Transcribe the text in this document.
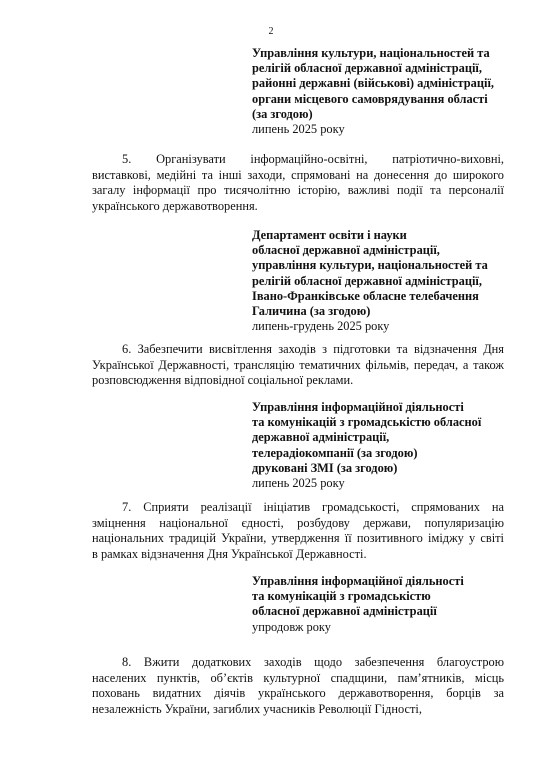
2
Управління культури, національностей та
релігій обласної державної адміністрації,
районні державні (військові) адміністрації,
органи місцевого самоврядування області
(за згодою)
липень 2025 року
5. Організувати інформаційно-освітні, патріотично-виховні,
виставкові, медійні та інші заходи, спрямовані на донесення до широкого
загалу інформації про тисячолітню історію, важливі події та персоналії
українського державотворення.
Департамент освіти і науки
обласної державної адміністрації,
управління культури, національностей та
релігій обласної державної адміністрації,
Івано-Франківське обласне телебачення
Галичина (за згодою)
липень-грудень 2025 року
6. Забезпечити висвітлення заходів з підготовки та відзначення Дня
Української Державності, трансляцію тематичних фільмів, передач, а також
розповсюдження відповідної соціальної реклами.
Управління інформаційної діяльності
та комунікацій з громадськістю обласної
державної адміністрації,
телерадіокомпанії (за згодою)
друковані ЗМІ (за згодою)
липень 2025 року
7. Сприяти реалізації ініціатив громадськості, спрямованих на
зміцнення національної єдності, розбудову держави, популяризацію
національних традицій України, утвердження її позитивного іміджу у світі
в рамках відзначення Дня Української Державності.
Управління інформаційної діяльності
та комунікацій з громадськістю
обласної державної адміністрації
упродовж року
8. Вжити додаткових заходів щодо забезпечення благоустрою
населених пунктів, об’єктів культурної спадщини, пам’ятників, місць
поховань видатних діячів українського державотворення, борців за
незалежність України, загиблих учасників Революції Гідності,
